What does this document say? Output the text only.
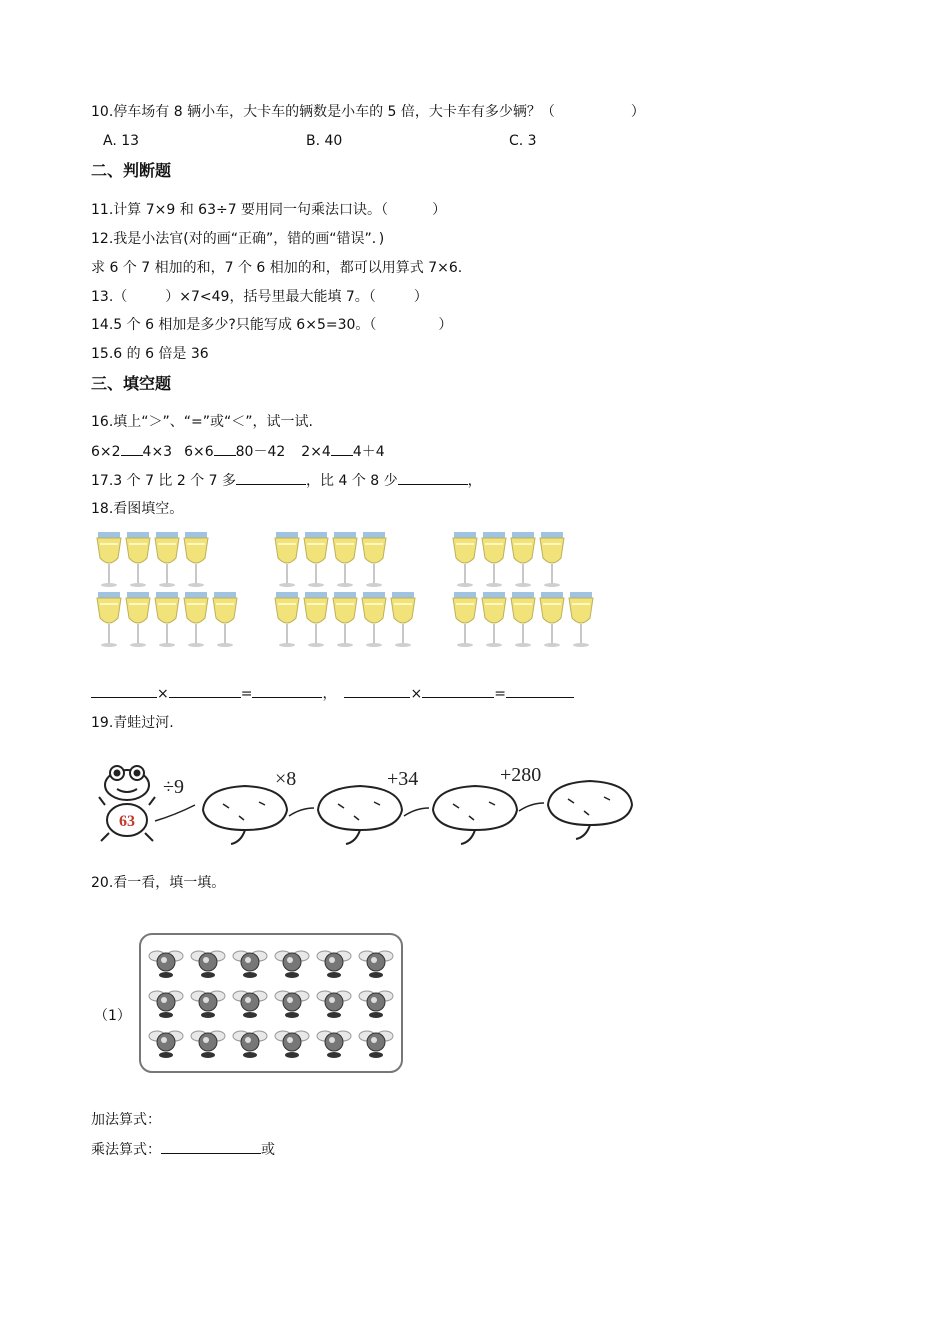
10.停车场有 8 辆小车，大卡车的辆数是小车的 5 倍，大卡车有多少辆？（	）
A. 13	B. 40	C. 3
二、判断题
11.计算 7×9 和 63÷7 要用同一句乘法口诀。（	）
12.我是小法官(对的画“正确”，错的画“错误”．)
求 6 个 7 相加的和，7 个 6 相加的和，都可以用算式 7×6.
13.（	）×7<49，括号里最大能填 7。（	）
14.5 个 6 相加是多少?只能写成 6×5=30。（	）
15.6 的 6 倍是 36
三、填空题
16.填上“＞”、“=”或“＜”，试一试.
6×2 4×3 6×6 80－42 2×4 4＋4
17.3 个 7 比 2 个 7 多	，比 4 个 8 少	，
18.看图填空。
×	=	，	×	=
19.青蛙过河.
63
÷9	×8	+34	+280
20.看一看，填一填。
（1）
加法算式：
乘法算式：	或
